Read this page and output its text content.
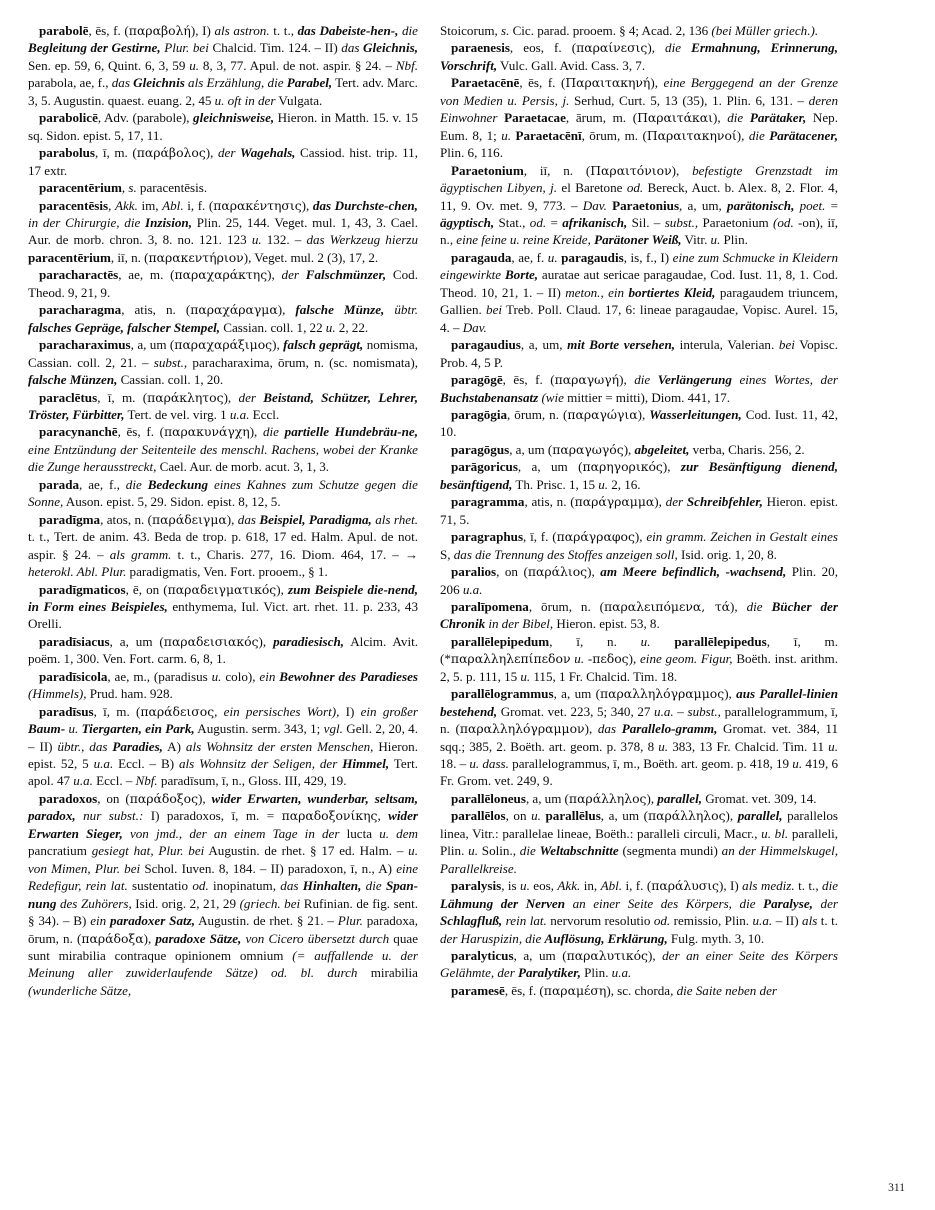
parabolē, ēs, f. (παραβολή), I) als astron. t. t., das Dabeiste-hen-, die Begleitung der Gestirne, Plur. bei Chalcid. Tim. 124. – II) das Gleichnis, Sen. ep. 59, 6, Quint. 6, 3, 59 u. 8, 3, 77. Apul. de not. aspir. § 24. – Nbf. parabola, ae, f., das Gleichnis als Erzählung, die Parabel, Tert. adv. Marc. 3, 5. Augustin. quaest. euang. 2, 45 u. oft in der Vulgata.

parabolicē, Adv. (parabole), gleichnisweise, Hieron. in Matth. 15. v. 15 sq. Sidon. epist. 5, 17, 11.

parabolus, ī, m. (παράβολος), der Wagehals, Cassiod. hist. trip. 11, 17 extr.

paracentērium, s. paracentēsis.

paracentēsis, Akk. im, Abl. i, f. (παρακέντησις), das Durchste-chen, in der Chirurgie, die Inzision, Plin. 25, 144. Veget. mul. 1, 43, 3. Cael. Aur. de morb. chron. 3, 8. no. 121. 123 u. 132. – das Werkzeug hierzu paracentērium, iī, n. (παρακεντήριον), Veget. mul. 2 (3), 17, 2.

paracharactēs, ae, m. (παραχαράκτης), der Falschmünzer, Cod. Theod. 9, 21, 9.

paracharagma, atis, n. (παραχάραγμα), falsche Münze, übtr. falsches Gepräge, falscher Stempel, Cassian. coll. 1, 22 u. 2, 22.

paracharaximus, a, um (παραχαράξιμος), falsch geprägt, nomisma, Cassian. coll. 2, 21. – subst., paracharaxima, ōrum, n. (sc. nomismata), falsche Münzen, Cassian. coll. 1, 20.

paraclētus, ī, m. (παράκλητος), der Beistand, Schützer, Lehrer, Tröster, Fürbitter, Tert. de vel. virg. 1 u.a. Eccl.

paracynanchē, ēs, f. (παρακυνάγχη), die partielle Hundebräu-ne, eine Entzündung der Seitenteile des menschl. Rachens, wobei der Kranke die Zunge herausstreckt, Cael. Aur. de morb. acut. 3, 1, 3.

parada, ae, f., die Bedeckung eines Kahnes zum Schutze gegen die Sonne, Auson. epist. 5, 29. Sidon. epist. 8, 12, 5.

paradīgma, atos, n. (παράδειγμα), das Beispiel, Paradigma, als rhet. t. t., Tert. de anim. 43. Beda de trop. p. 618, 17 ed. Halm. Apul. de not. aspir. § 24. – als gramm. t. t., Charis. 277, 16. Diom. 464, 17. – → heterokl. Abl. Plur. paradigmatis, Ven. Fort. prooem., § 1.

paradīgmaticos, ē, on (παραδειγματικός), zum Beispiele die-nend, in Form eines Beispieles, enthymema, Iul. Vict. art. rhet. 11. p. 233, 43 Orelli.

paradīsiacus, a, um (παραδεισιακός), paradiesisch, Alcim. Avit. poëm. 1, 300. Ven. Fort. carm. 6, 8, 1.

paradīsicola, ae, m., (paradisus u. colo), ein Bewohner des Paradieses (Himmels), Prud. ham. 928.

paradīsus, ī, m. (παράδεισος, ein persisches Wort), I) ein großer Baum- u. Tiergarten, ein Park, Augustin. serm. 343, 1; vgl. Gell. 2, 20, 4. – II) übtr., das Paradies, A) als Wohnsitz der ersten Menschen, Hieron. epist. 52, 5 u.a. Eccl. – B) als Wohnsitz der Seligen, der Himmel, Tert. apol. 47 u.a. Eccl. – Nbf. paradīsum, ī, n., Gloss. III, 429, 19.

paradoxos, on (παράδοξος), wider Erwarten, wunderbar, seltsam, paradox, nur subst.: I) paradoxos, ī, m. = παραδοξονίκης, wider Erwarten Sieger, von jmd., der an einem Tage in der lucta u. dem pancratium gesiegt hat, Plur. bei Augustin. de rhet. § 17 ed. Halm. – u. von Mimen, Plur. bei Schol. Iuven. 8, 184. – II) paradoxon, ī, n., A) eine Redefigur, rein lat. sustentatio od. inopinatum, das Hinhalten, die Span-nung des Zuhörers, Isid. orig. 2, 21, 29 (griech. bei Rufinian. de fig. sent. § 34). – B) ein paradoxer Satz, Augustin. de rhet. § 21. – Plur. paradoxa, ōrum, n. (παράδοξα), paradoxe Sätze, von Cicero übersetzt durch quae sunt mirabilia contraque opinionem omnium (= auffallende u. der Meinung aller zuwiderlaufende Sätze) od. bl. durch mirabilia (wunderliche Sätze,

Stoicorum, s. Cic. parad. prooem. § 4; Acad. 2, 136 (bei Müller griech.).

paraenesis, eos, f. (παραίνεσις), die Ermahnung, Erinnerung, Vorschrift, Vulc. Gall. Avid. Cass. 3, 7.

Paraetacēnē, ēs, f. (Παραιτακηνή), eine Berggegend an der Grenze von Medien u. Persis, j. Serhud, Curt. 5, 13 (35), 1. Plin. 6, 131. – deren Einwohner Paraetacae, ārum, m. (Παραιτάκαι), die Parätaker, Nep. Eum. 8, 1; u. Paraetacēnī, ōrum, m. (Παραιτακηνοί), die Parätacener, Plin. 6, 116.

Paraetonium, iī, n. (Παραιτόνιον), befestigte Grenzstadt im ägyptischen Libyen, j. el Baretone od. Bereck, Auct. b. Alex. 8, 2. Flor. 4, 11, 9. Ov. met. 9, 773. – Dav. Paraetonius, a, um, parätonisch, poet. = ägyptisch, Stat., od. = afrikanisch, Sil. – subst., Paraetonium (od. -on), iī, n., eine feine u. reine Kreide, Parätoner Weiß, Vitr. u. Plin.

paragauda, ae, f. u. paragaudis, is, f., I) eine zum Schmucke in Kleidern eingewirkte Borte, auratae aut sericae paragaudae, Cod. Iust. 11, 8, 1. Cod. Theod. 10, 21, 1. – II) meton., ein bortiertes Kleid, paragaudem triuncem, Gallien. bei Treb. Poll. Claud. 17, 6: lineae paragaudae, Vopisc. Aurel. 15, 4. – Dav.

paragaudius, a, um, mit Borte versehen, interula, Valerian. bei Vopisc. Prob. 4, 5 P.

paragōgē, ēs, f. (παραγωγή), die Verlängerung eines Wortes, der Buchstabenansatz (wie mittier = mitti), Diom. 441, 17.

paragōgia, ōrum, n. (παραγώγια), Wasserleitungen, Cod. Iust. 11, 42, 10.

paragōgus, a, um (παραγωγός), abgeleitet, verba, Charis. 256, 2.

parāgoricus, a, um (παρηγορικός), zur Besänftigung dienend, besänftigend, Th. Prisc. 1, 15 u. 2, 16.

paragramma, atis, n. (παράγραμμα), der Schreibfehler, Hieron. epist. 71, 5.

paragraphus, ī, f. (παράγραφος), ein gramm. Zeichen in Gestalt eines S, das die Trennung des Stoffes anzeigen soll, Isid. orig. 1, 20, 8.

paralios, on (παράλιος), am Meere befindlich, -wachsend, Plin. 20, 206 u.a.

paralīpomena, ōrum, n. (παραλειπόμενα, τά), die Bücher der Chronik in der Bibel, Hieron. epist. 53, 8.

parallēlepipedum, ī, n. u. parallēlepipedus, ī, m. (*παραλληλεπίπεδον u. -πεδος), eine geom. Figur, Boëth. inst. arithm. 2, 5. p. 111, 15 u. 115, 1 Fr. Chalcid. Tim. 18.

parallēlogrammus, a, um (παραλληλόγραμμος), aus Parallel-linien bestehend, Gromat. vet. 223, 5; 340, 27 u.a. – subst., parallelogrammum, ī, n. (παραλληλόγραμμον), das Parallelo-gramm, Gromat. vet. 384, 11 sqq.; 385, 2. Boëth. art. geom. p. 378, 8 u. 383, 13 Fr. Chalcid. Tim. 11 u. 18. – u. dass. parallelogrammus, ī, m., Boëth. art. geom. p. 418, 19 u. 419, 6 Fr. Grom. vet. 249, 9.

parallēloneus, a, um (παράλληλος), parallel, Gromat. vet. 309, 14.

parallēlos, on u. parallēlus, a, um (παράλληλος), parallel, parallelos linea, Vitr.: parallelae lineae, Boëth.: paralleli circuli, Macr., u. bl. paralleli, Plin. u. Solin., die Weltabschnitte (segmenta mundi) an der Himmelskugel, Parallelkreise.

paralysis, is u. eos, Akk. in, Abl. i, f. (παράλυσις), I) als mediz. t. t., die Lähmung der Nerven an einer Seite des Körpers, die Paralyse, der Schlagfluß, rein lat. nervorum resolutio od. remissio, Plin. u.a. – II) als t. t. der Haruspizin, die Auflösung, Erklärung, Fulg. myth. 3, 10.

paralyticus, a, um (παραλυτικός), der an einer Seite des Körpers Gelähmte, der Paralytiker, Plin. u.a.

paramesē, ēs, f. (παραμέση), sc. chorda, die Saite neben der

311
